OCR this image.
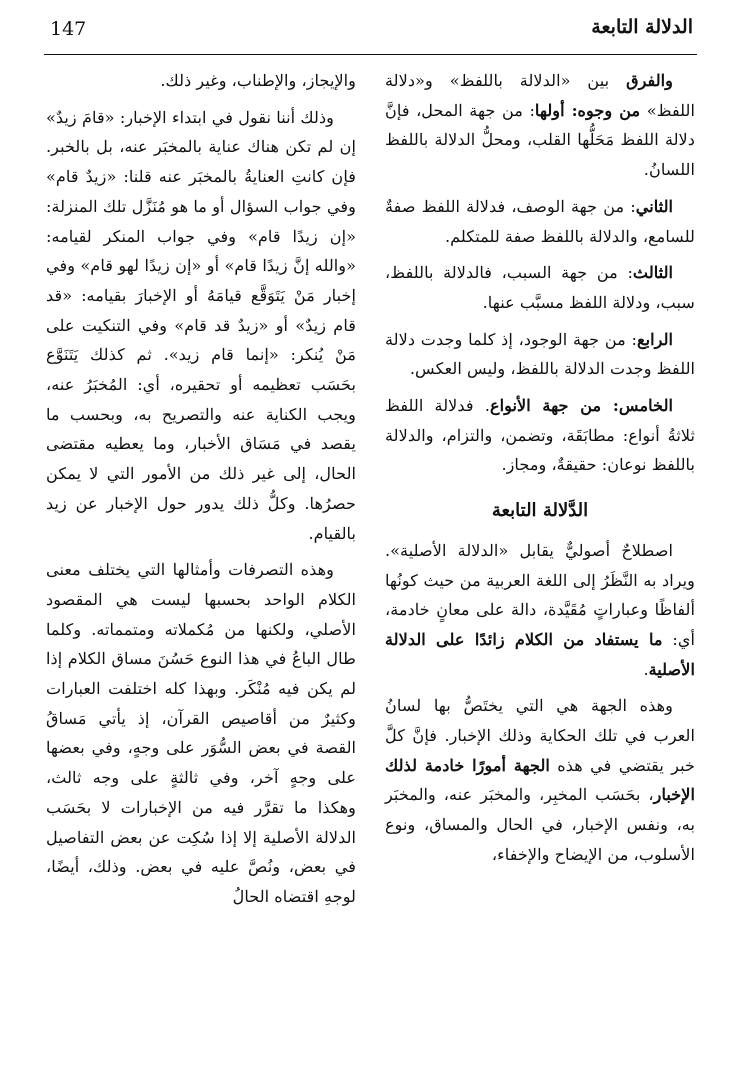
147	الدلالة التابعة

والفرق بين «الدلالة باللفظ» و«دلالة اللفظ» من وجوه: أولها: من جهة المحل، فإنَّ دلالة اللفظ مَحَلُّها القلب، ومحلُّ الدلالة باللفظ اللسانُ.

الثاني: من جهة الوصف، فدلالة اللفظ صفةٌ للسامع، والدلالة باللفظ صفة للمتكلم.

الثالث: من جهة السبب، فالدلالة باللفظ، سبب، ودلالة اللفظ مسبَّب عنها.

الرابع: من جهة الوجود، إذ كلما وجدت دلالة اللفظ وجدت الدلالة باللفظ، وليس العكس.

الخامس: من جهة الأنواع. فدلالة اللفظ ثلاثةُ أنواع: مطابَقَة، وتضمن، والتزام، والدلالة باللفظ نوعان: حقيقةٌ، ومجاز.

الدَّلالة التابعة

اصطلاحٌ أصوليٌّ يقابل «الدلالة الأصلية». ويراد به النَّظَرُ إلى اللغة العربية من حيث كونُها ألفاظًا وعباراتٍ مُقَيَّدة، دالة على معانٍ خادمة، أي: ما يستفاد من الكلام زائدًا على الدلالة الأصلية.

وهذه الجهة هي التي يختَصُّ بها لسانُ العرب في تلك الحكاية وذلك الإخبار. فإنَّ كلَّ خبر يقتضي في هذه الجهة أمورًا خادمة لذلك الإخبار، بحَسَب المخبِر، والمخبَر عنه، والمخبَر به، ونفس الإخبار، في الحال والمساق، ونوع الأسلوب، من الإيضاح والإخفاء،

والإيجاز، والإطناب، وغير ذلك.

وذلك أننا نقول في ابتداء الإخبار: «قامَ زيدٌ» إن لم تكن هناك عناية بالمخبَر عنه، بل بالخبر. فإن كانتِ العنايةُ بالمخبَر عنه قلنا: «زيدٌ قام» وفي جواب السؤال أو ما هو مُنَزَّل تلك المنزلة: «إن زيدًا قام» وفي جواب المنكر لقيامه: «والله إنَّ زيدًا قام» أو «إن زيدًا لهو قام» وفي إخبار مَنْ يَتَوَقَّع قيامَهُ أو الإخبارَ بقيامه: «قد قام زيدٌ» أو «زيدٌ قد قام» وفي التنكيت على مَنْ يُنكر: «إنما قام زيد». ثم كذلك يَتَنَوَّع بحَسَب تعظيمه أو تحقيره، أي: المُخبَرُ عنه، ويجب الكناية عنه والتصريح به، وبحسب ما يقصد في مَسَاق الأخبار، وما يعطيه مقتضى الحال، إلى غير ذلك من الأمور التي لا يمكن حصرُها. وكلُّ ذلك يدور حول الإخبار عن زيد بالقيام.

وهذه التصرفات وأمثالها التي يختلف معنى الكلام الواحد بحسبها ليست هي المقصود الأصلي، ولكنها من مُكملاته ومتمماته. وكلما طال الباعُ في هذا النوع حَسُنَ مساق الكلام إذا لم يكن فيه مُنْكَر. وبهذا كله اختلفت العبارات وكثيرٌ من أقاصيص القرآن، إذ يأتي مَساقُ القصة في بعض السُّوَر على وجهٍ، وفي بعضها على وجهٍ آخر، وفي ثالثةٍ على وجه ثالث، وهكذا ما تقرَّر فيه من الإخبارات لا بحَسَب الدلالة الأصلية إلا إذا سُكِت عن بعض التفاصيل في بعض، ونُصَّ عليه في بعض. وذلك، أيضًا، لوجهِ اقتضاه الحالُ
